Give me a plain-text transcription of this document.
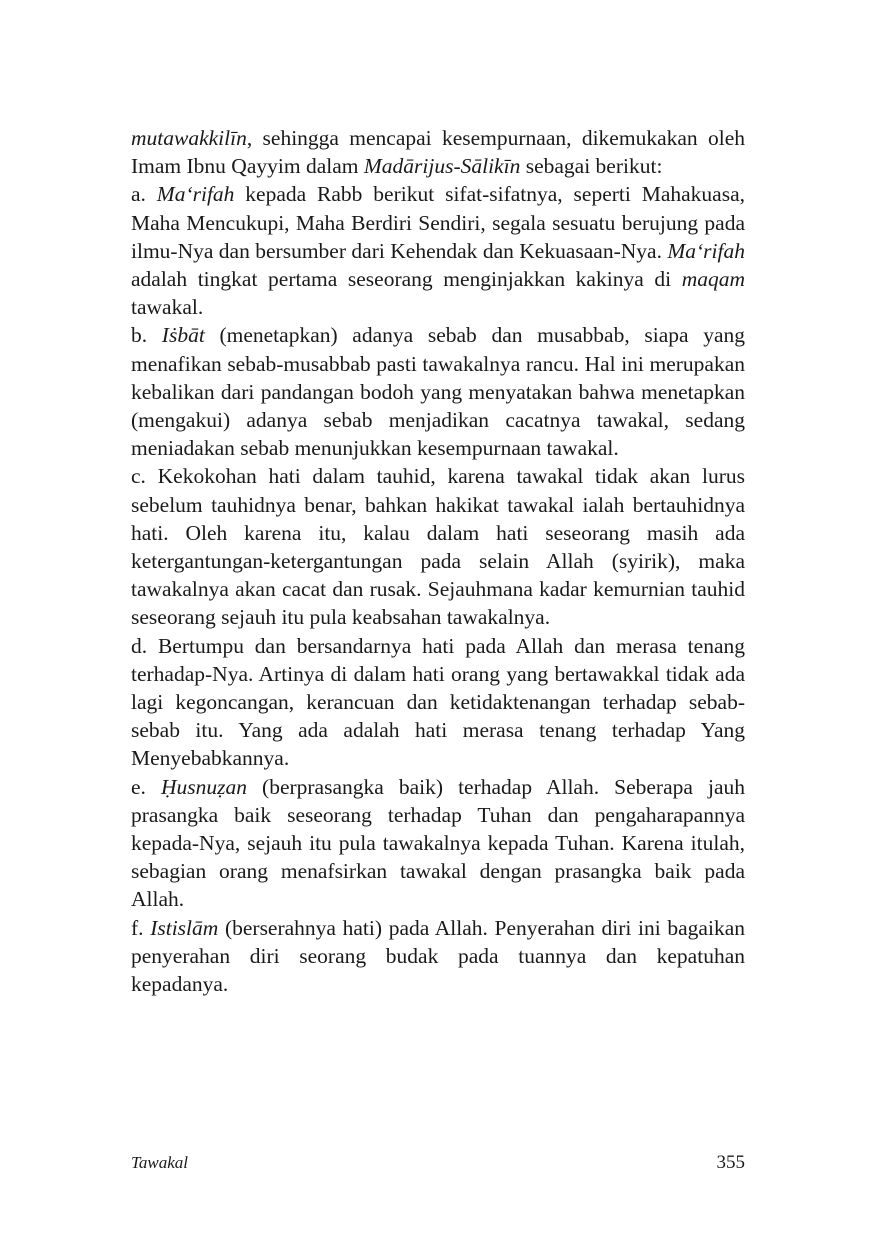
mutawakkilīn, sehingga mencapai kesempurnaan, dikemukakan oleh Imam Ibnu Qayyim dalam Madārijus-Sālikīn sebagai berikut:

a. Ma‘rifah kepada Rabb berikut sifat-sifatnya, seperti Mahakuasa, Maha Mencukupi, Maha Berdiri Sendiri, segala sesuatu berujung pada ilmu-Nya dan bersumber dari Kehendak dan Kekuasaan-Nya. Ma‘rifah adalah tingkat pertama seseorang menginjakkan kakinya di maqam tawakal.

b. Iṡbāt (menetapkan) adanya sebab dan musabbab, siapa yang menafikan sebab-musabbab pasti tawakalnya rancu. Hal ini merupakan kebalikan dari pandangan bodoh yang menyatakan bahwa menetapkan (mengakui) adanya sebab menjadikan cacatnya tawakal, sedang meniadakan sebab menunjukkan kesempurnaan tawakal.

c. Kekokohan hati dalam tauhid, karena tawakal tidak akan lurus sebelum tauhidnya benar, bahkan hakikat tawakal ialah bertauhidnya hati. Oleh karena itu, kalau dalam hati seseorang masih ada ketergantungan-ketergantungan pada selain Allah (syirik), maka tawakalnya akan cacat dan rusak. Sejauhmana kadar kemurnian tauhid seseorang sejauh itu pula keabsahan tawakalnya.

d. Bertumpu dan bersandarnya hati pada Allah dan merasa tenang terhadap-Nya. Artinya di dalam hati orang yang bertawakkal tidak ada lagi kegoncangan, kerancuan dan ketidaktenangan terhadap sebab-sebab itu. Yang ada adalah hati merasa tenang terhadap Yang Menyebabkannya.

e. Ḥusnuẓan (berprasangka baik) terhadap Allah. Seberapa jauh prasangka baik seseorang terhadap Tuhan dan pengaharapannya kepada-Nya, sejauh itu pula tawakalnya kepada Tuhan. Karena itulah, sebagian orang menafsirkan tawakal dengan prasangka baik pada Allah.

f. Istislām (berserahnya hati) pada Allah. Penyerahan diri ini bagaikan penyerahan diri seorang budak pada tuannya dan kepatuhan kepadanya.

Tawakal	355
